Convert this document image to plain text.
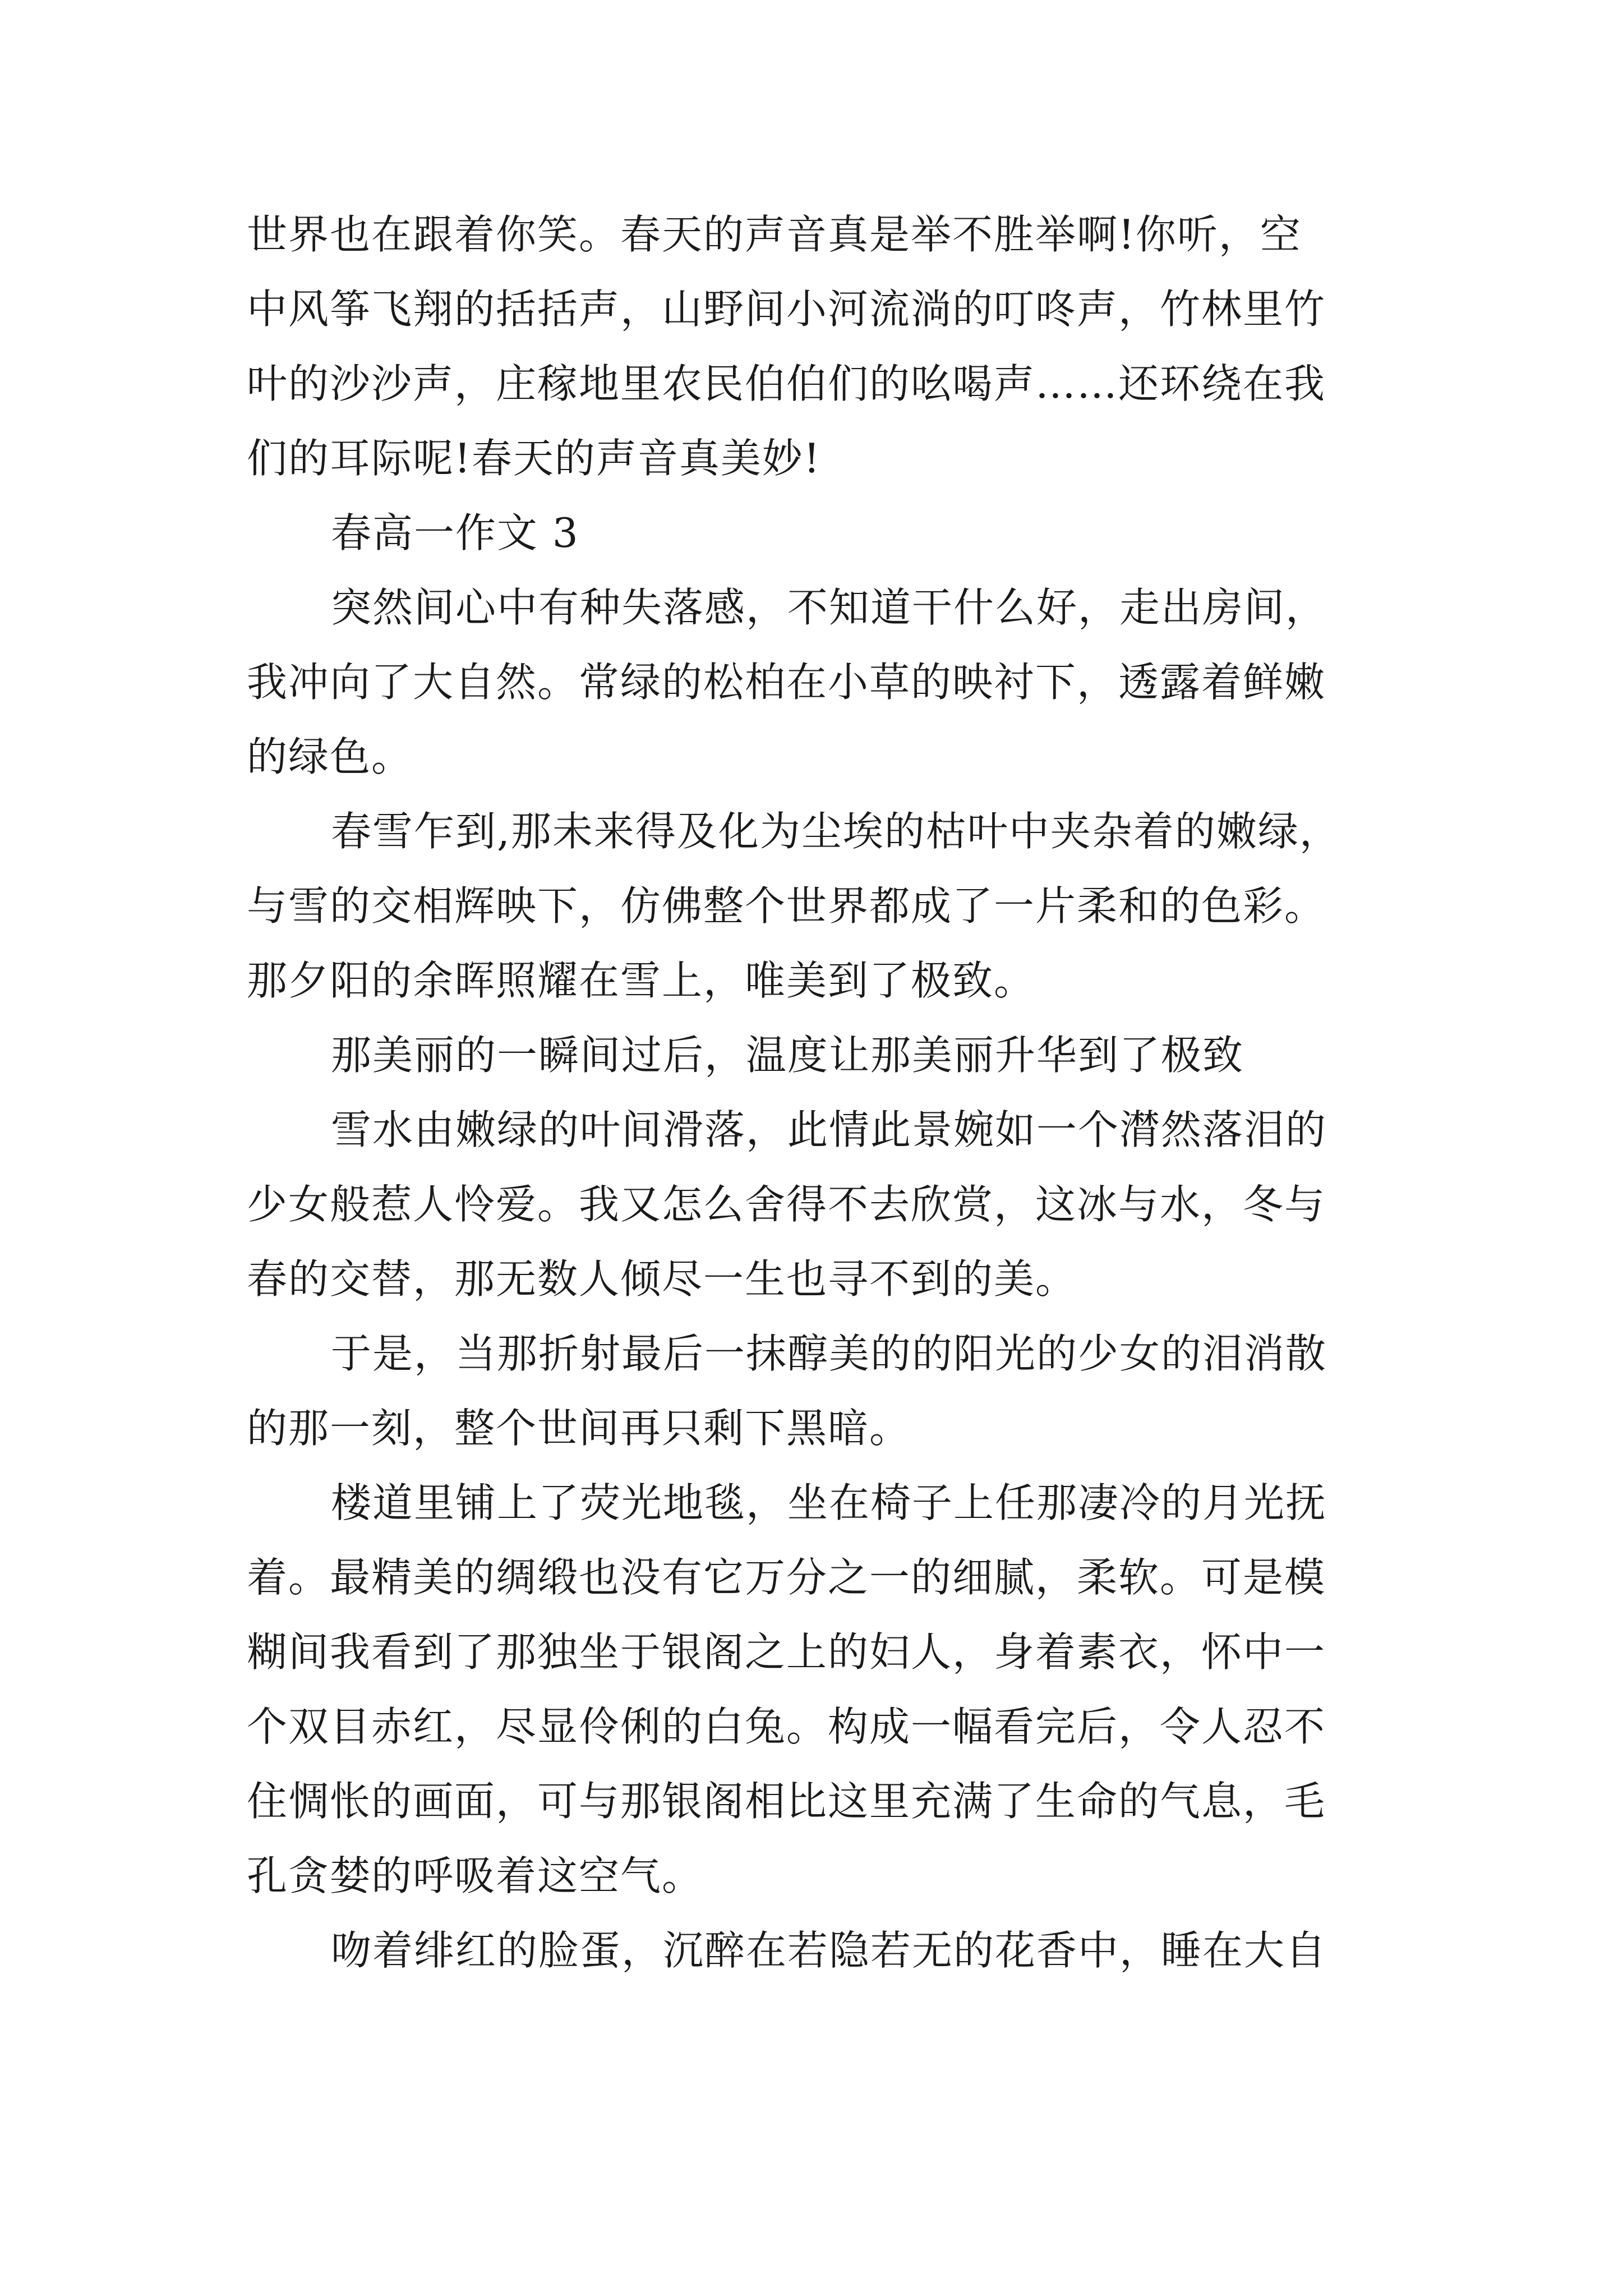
世界也在跟着你笑。春天的声音真是举不胜举啊!你听，空
中风筝飞翔的括括声，山野间小河流淌的叮咚声，竹林里竹
叶的沙沙声，庄稼地里农民伯伯们的吆喝声……还环绕在我
们的耳际呢!春天的声音真美妙!
春高一作文 3
突然间心中有种失落感，不知道干什么好，走出房间，
我冲向了大自然。常绿的松柏在小草的映衬下，透露着鲜嫩
的绿色。
春雪乍到,那未来得及化为尘埃的枯叶中夹杂着的嫩绿，
与雪的交相辉映下，仿佛整个世界都成了一片柔和的色彩。
那夕阳的余晖照耀在雪上，唯美到了极致。
那美丽的一瞬间过后，温度让那美丽升华到了极致
雪水由嫩绿的叶间滑落，此情此景婉如一个潸然落泪的
少女般惹人怜爱。我又怎么舍得不去欣赏，这冰与水，冬与
春的交替，那无数人倾尽一生也寻不到的美。
于是，当那折射最后一抹醇美的的阳光的少女的泪消散
的那一刻，整个世间再只剩下黑暗。
楼道里铺上了荧光地毯，坐在椅子上任那凄冷的月光抚
着。最精美的绸缎也没有它万分之一的细腻，柔软。可是模
糊间我看到了那独坐于银阁之上的妇人，身着素衣，怀中一
个双目赤红，尽显伶俐的白兔。构成一幅看完后，令人忍不
住惆怅的画面，可与那银阁相比这里充满了生命的气息，毛
孔贪婪的呼吸着这空气。
吻着绯红的脸蛋，沉醉在若隐若无的花香中，睡在大自
